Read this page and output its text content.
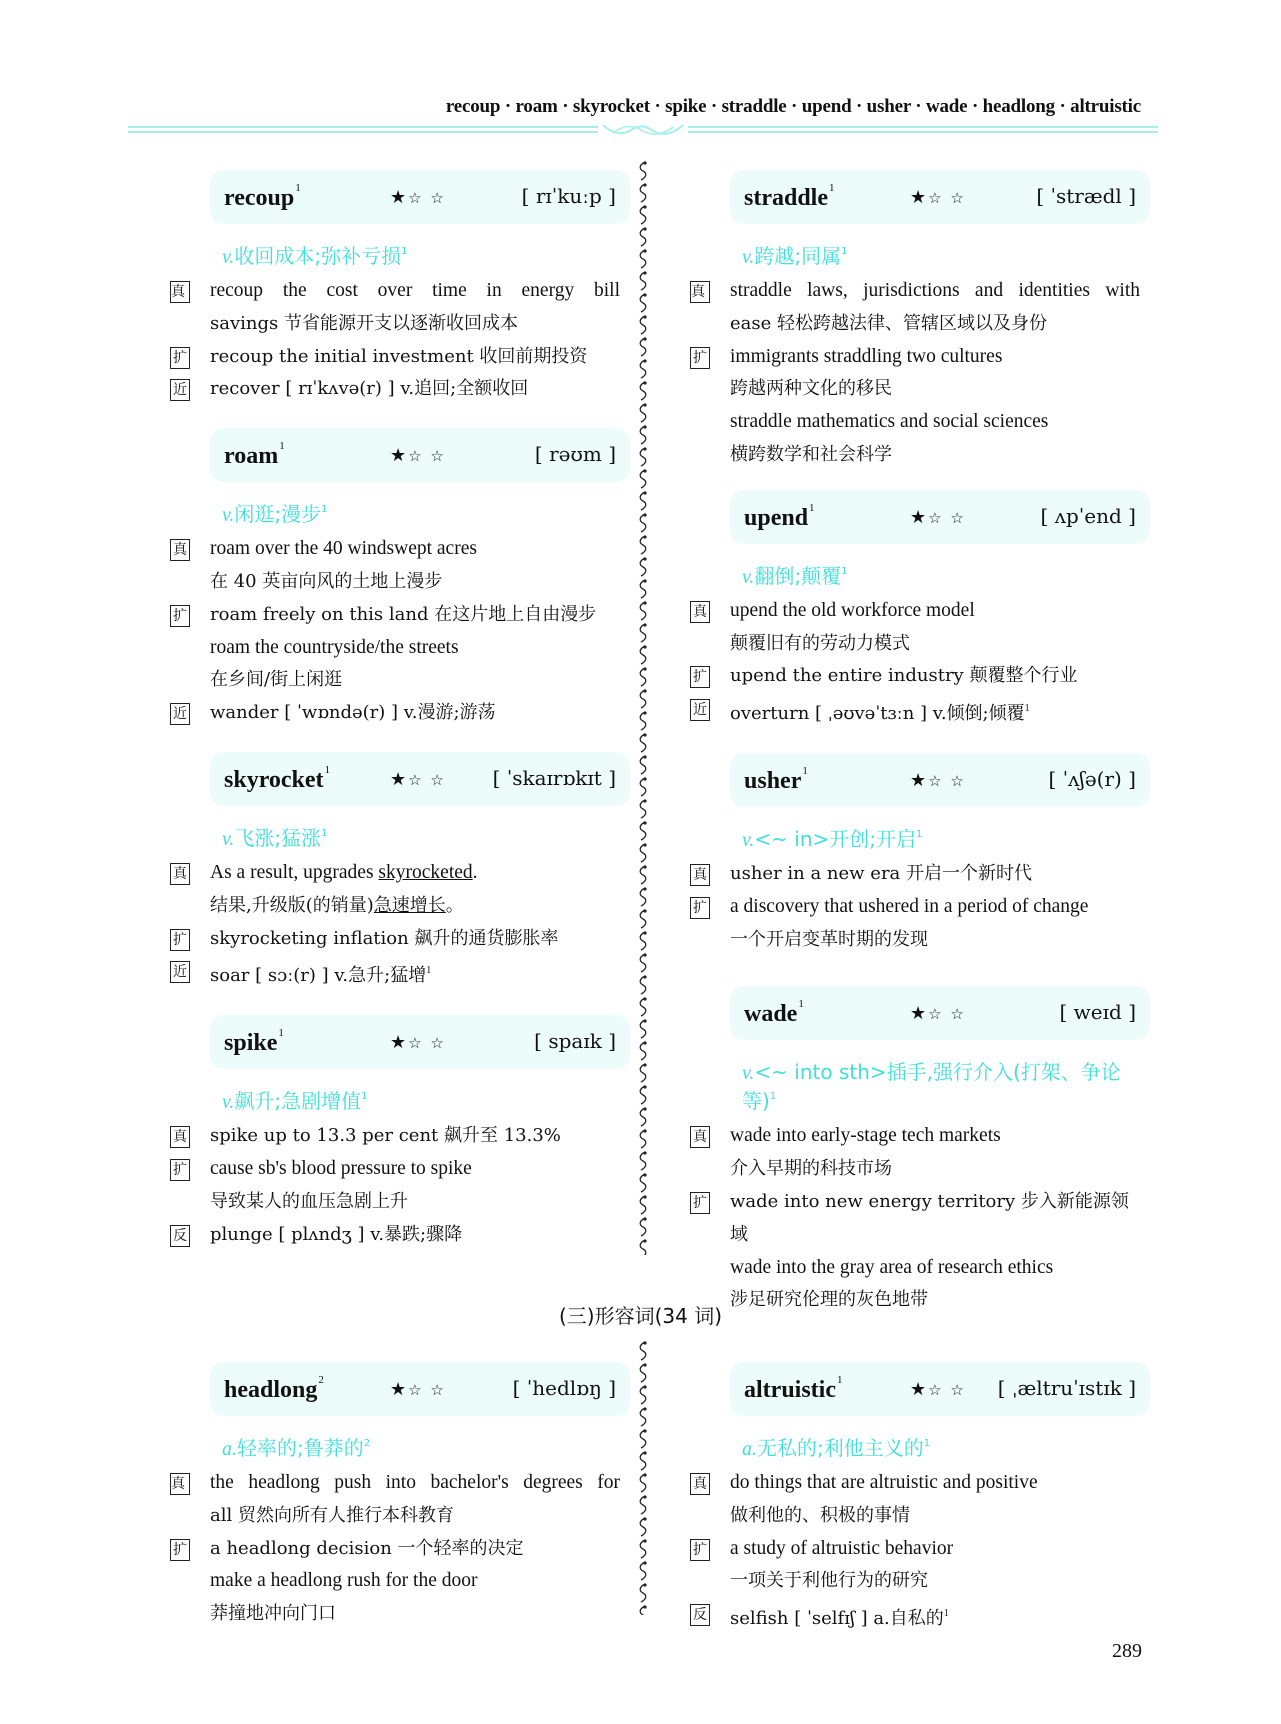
recoup · roam · skyrocket · spike · straddle · upend · usher · wade · headlong · altruistic
recoup$^1$	★☆ ☆	[ rɪˈkuːp ]
v.收回成本;弥补亏损$^1$
真 recoup the cost over time in energy bill
savings 节省能源开支以逐渐收回成本
扩 recoup the initial investment 收回前期投资
近 recover [ rɪˈkʌvə(r) ] v.追回;全额收回
roam$^1$	★☆ ☆	[ rəʊm ]
v.闲逛;漫步$^1$
真 roam over the 40 windswept acres
在 40 英亩向风的土地上漫步
扩 roam freely on this land 在这片地上自由漫步
roam the countryside/the streets
在乡间/街上闲逛
近 wander [ ˈwɒndə(r) ] v.漫游;游荡
skyrocket$^1$	★☆ ☆ [ ˈskaɪrɒkɪt ]
v.飞涨;猛涨$^1$
真 As a result, upgrades skyrocketed.
结果,升级版(的销量)急速增长。
扩 skyrocketing inflation 飙升的通货膨胀率
近 soar [ sɔː(r) ] v.急升;猛增$^1$
spike$^1$	★☆ ☆	[ spaɪk ]
v.飙升;急剧增值$^1$
真 spike up to 13.3 per cent 飙升至 13.3%
扩 cause sb's blood pressure to spike
导致某人的血压急剧上升
反 plunge [ plʌndʒ ] v.暴跌;骤降
straddle$^1$	★☆ ☆	[ ˈstrædl ]
v.跨越;同属$^1$
真 straddle laws, jurisdictions and identities with
ease 轻松跨越法律、管辖区域以及身份
扩 immigrants straddling two cultures
跨越两种文化的移民
straddle mathematics and social sciences
横跨数学和社会科学
upend$^1$	★☆ ☆	[ ʌpˈend ]
v.翻倒;颠覆$^1$
真 upend the old workforce model
颠覆旧有的劳动力模式
扩 upend the entire industry 颠覆整个行业
近 overturn [ ˌəʊvəˈtɜːn ] v.倾倒;倾覆$^1$
usher$^1$	★☆ ☆	[ ˈʌʃə(r) ]
v.<~ in>开创;开启$^1$
真 usher in a new era 开启一个新时代
扩 a discovery that ushered in a period of change
一个开启变革时期的发现
wade$^1$	★☆ ☆	[ weɪd ]
v.<~ into sth>插手,强行介入(打架、争论等)$^1$
真 wade into early-stage tech markets
介入早期的科技市场
扩 wade into new energy territory 步入新能源领域
wade into the gray area of research ethics
涉足研究伦理的灰色地带
(三)形容词(34 词)
headlong$^2$	★☆ ☆	[ ˈhedlɒŋ ]
a.轻率的;鲁莽的$^2$
真 the headlong push into bachelor's degrees for
all 贸然向所有人推行本科教育
扩 a headlong decision 一个轻率的决定
make a headlong rush for the door
莽撞地冲向门口
altruistic$^1$	★☆ ☆ [ ˌæltruˈɪstɪk ]
a.无私的;利他主义的$^1$
真 do things that are altruistic and positive
做利他的、积极的事情
扩 a study of altruistic behavior
一项关于利他行为的研究
反 selfish [ ˈselfɪʃ ] a.自私的$^1$
289
